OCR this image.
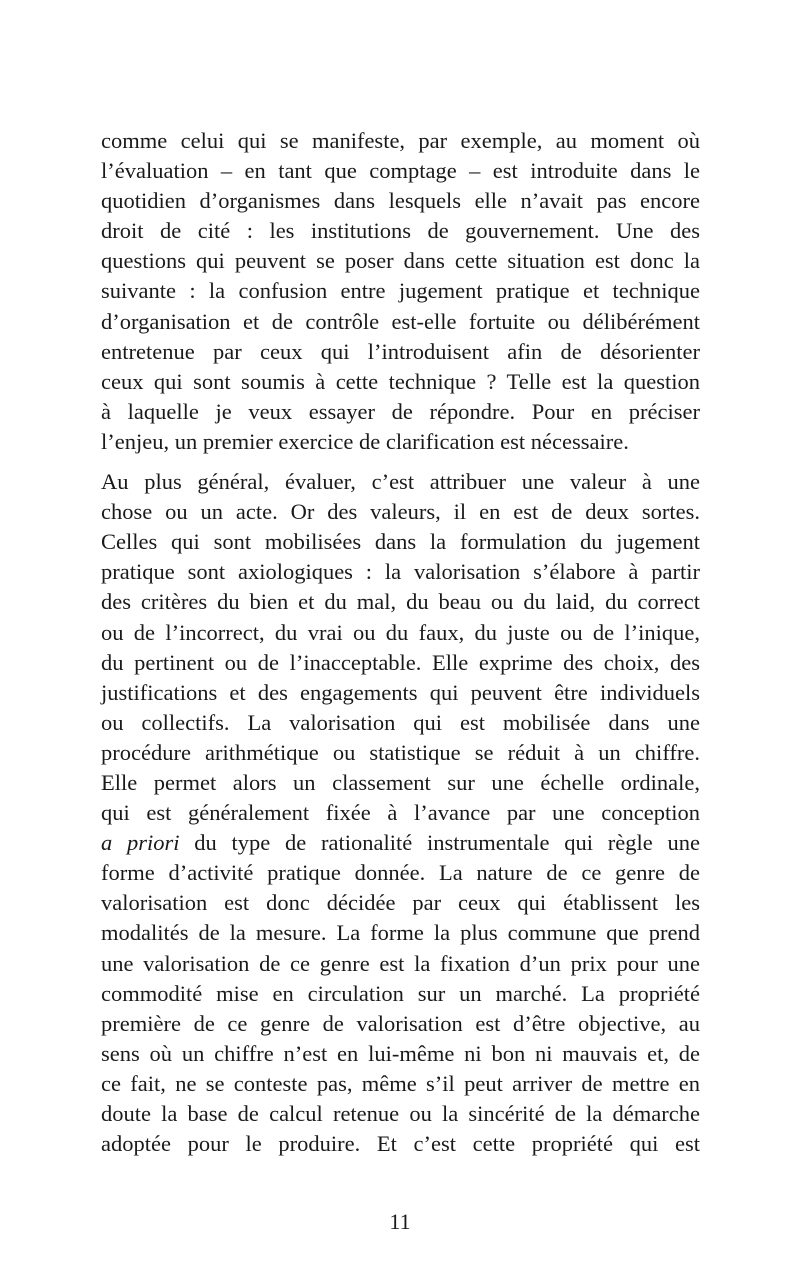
comme celui qui se manifeste, par exemple, au moment où
l’évaluation – en tant que comptage – est introduite dans le
quotidien d’organismes dans lesquels elle n’avait pas encore
droit de cité : les institutions de gouvernement. Une des
questions qui peuvent se poser dans cette situation est donc la
suivante : la confusion entre jugement pratique et technique
d’organisation et de contrôle est-elle fortuite ou délibérément
entretenue par ceux qui l’introduisent afin de désorienter
ceux qui sont soumis à cette technique ? Telle est la question
à laquelle je veux essayer de répondre. Pour en préciser
l’enjeu, un premier exercice de clarification est nécessaire.

Au plus général, évaluer, c’est attribuer une valeur à une
chose ou un acte. Or des valeurs, il en est de deux sortes.
Celles qui sont mobilisées dans la formulation du jugement
pratique sont axiologiques : la valorisation s’élabore à partir
des critères du bien et du mal, du beau ou du laid, du correct
ou de l’incorrect, du vrai ou du faux, du juste ou de l’inique,
du pertinent ou de l’inacceptable. Elle exprime des choix, des
justifications et des engagements qui peuvent être individuels
ou collectifs. La valorisation qui est mobilisée dans une
procédure arithmétique ou statistique se réduit à un chiffre.
Elle permet alors un classement sur une échelle ordinale,
qui est généralement fixée à l’avance par une conception
a priori du type de rationalité instrumentale qui règle une
forme d’activité pratique donnée. La nature de ce genre de
valorisation est donc décidée par ceux qui établissent les
modalités de la mesure. La forme la plus commune que prend
une valorisation de ce genre est la fixation d’un prix pour une
commodité mise en circulation sur un marché. La propriété
première de ce genre de valorisation est d’être objective, au
sens où un chiffre n’est en lui-même ni bon ni mauvais et, de
ce fait, ne se conteste pas, même s’il peut arriver de mettre en
doute la base de calcul retenue ou la sincérité de la démarche
adoptée pour le produire. Et c’est cette propriété qui est

11
